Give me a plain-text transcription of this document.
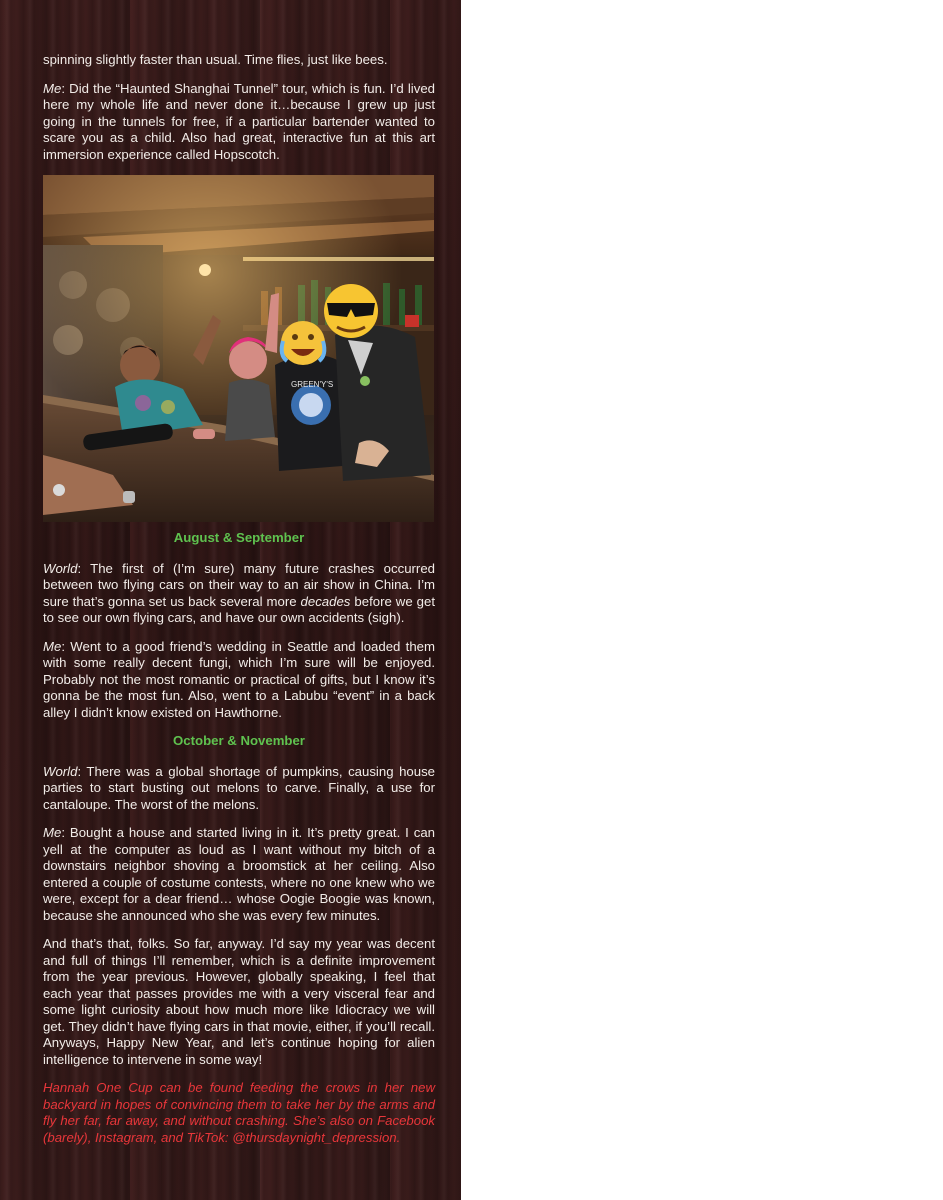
spinning slightly faster than usual. Time flies, just like bees.

Me: Did the “Haunted Shanghai Tunnel” tour, which is fun. I’d lived here my whole life and never done it…because I grew up just going in the tunnels for free, if a particular bartender wanted to scare you as a child. Also had great, interactive fun at this art immersion experience called Hopscotch.

GREEN'Y'S

August & September

World: The first of (I’m sure) many future crashes occurred between two flying cars on their way to an air show in China. I’m sure that’s gonna set us back several more decades before we get to see our own flying cars, and have our own accidents (sigh).

Me: Went to a good friend’s wedding in Seattle and loaded them with some really decent fungi, which I’m sure will be enjoyed. Probably not the most romantic or practical of gifts, but I know it’s gonna be the most fun. Also, went to a Labubu “event” in a back alley I didn’t know existed on Hawthorne.

October & November

World: There was a global shortage of pumpkins, causing house parties to start busting out melons to carve. Finally, a use for cantaloupe. The worst of the melons.

Me: Bought a house and started living in it. It’s pretty great. I can yell at the computer as loud as I want without my bitch of a downstairs neighbor shoving a broomstick at her ceiling. Also entered a couple of costume contests, where no one knew who we were, except for a dear friend… whose Oogie Boogie was known, because she announced who she was every few minutes.

And that’s that, folks. So far, anyway. I’d say my year was decent and full of things I’ll remember, which is a definite improvement from the year previous. However, globally speaking, I feel that each year that passes provides me with a very visceral fear and some light curiosity about how much more like Idiocracy we will get. They didn’t have flying cars in that movie, either, if you’ll recall. Anyways, Happy New Year, and let’s continue hoping for alien intelligence to intervene in some way!

Hannah One Cup can be found feeding the crows in her new backyard in hopes of convincing them to take her by the arms and fly her far, far away, and without crashing. She’s also on Facebook (barely), Instagram, and TikTok: @thursdaynight_depression.
